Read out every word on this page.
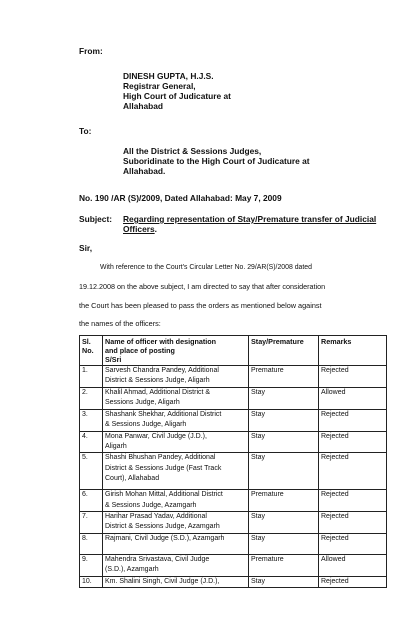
From:
DINESH GUPTA, H.J.S.
Registrar General,
High Court of Judicature at
Allahabad
To:
All the District & Sessions Judges,
Suboridinate to the High Court of Judicature at
Allahabad.
No. 190 /AR (S)/2009, Dated Allahabad: May 7, 2009
Subject: Regarding representation of Stay/Premature transfer of Judicial
Officers.
Sir,
With reference to the Court's Circular Letter No. 29/AR(S)/2008 dated
19.12.2008 on the above subject, I am directed to say that after consideration
the Court has been pleased to pass the orders as mentioned below against
the names of the officers:
Sl.
No.	Name of officer with designation
and place of posting
S/Sri	Stay/Premature	Remarks
1.	Sarvesh Chandra Pandey, Additional
District & Sessions Judge, Aligarh	Premature	Rejected
2.	Khalil Ahmad, Additional District &
Sessions Judge, Aligarh	Stay	Allowed
3.	Shashank Shekhar, Additional District
& Sessions Judge, Aligarh	Stay	Rejected
4.	Mona Panwar, Civil Judge (J.D.),
Aligarh	Stay	Rejected
5.	Shashi Bhushan Pandey, Additional
District & Sessions Judge (Fast Track
Court), Allahabad	Stay	Rejected
6.	Girish Mohan Mittal, Additional District
& Sessions Judge, Azamgarh	Premature	Rejected
7.	Harihar Prasad Yadav, Additional
District & Sessions Judge, Azamgarh	Stay	Rejected
8.	Rajmani, Civil Judge (S.D.), Azamgarh	Stay	Rejected
9.	Mahendra Srivastava, Civil Judge
(S.D.), Azamgarh	Premature	Allowed
10.	Km. Shalini Singh, Civil Judge (J.D.),	Stay	Rejected
